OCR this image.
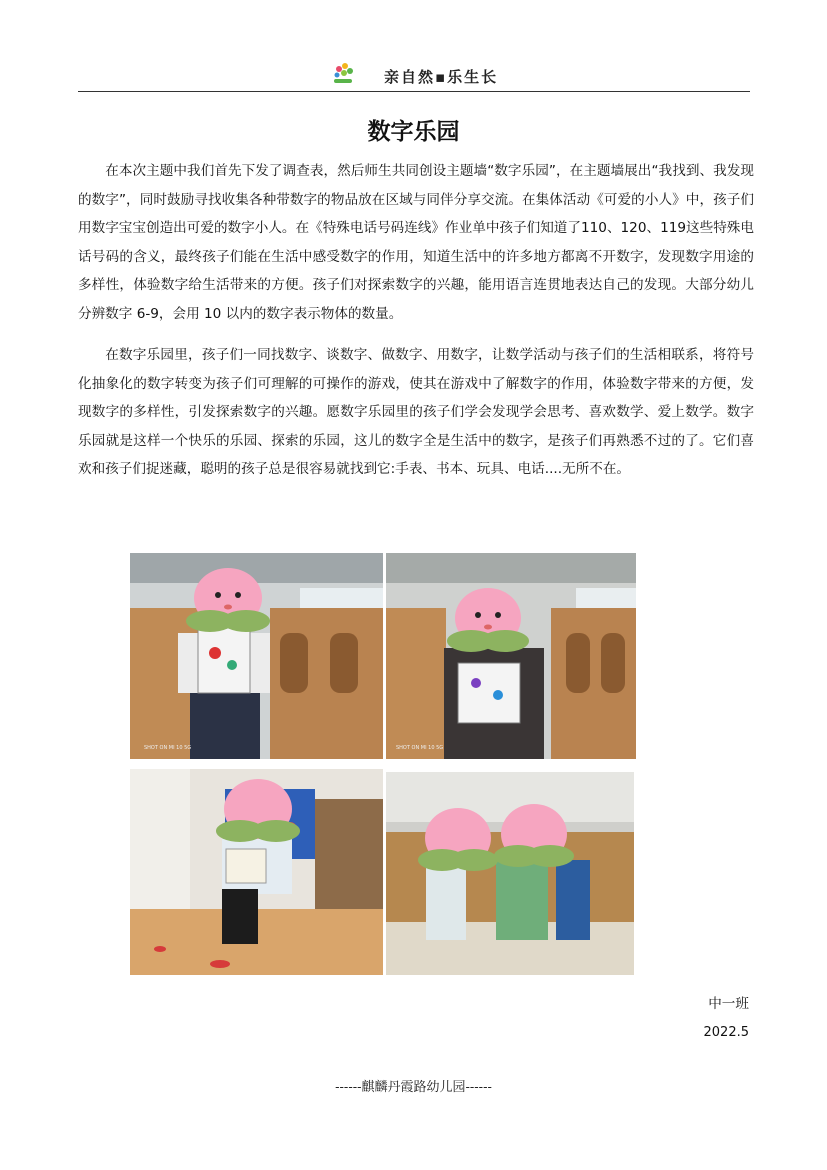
亲自然▪乐生长
数字乐园
在本次主题中我们首先下发了调查表，然后师生共同创设主题墙“数字乐园”，在主题墙展出“我找到、我发现的数字”，同时鼓励寻找收集各种带数字的物品放在区域与同伴分享交流。在集体活动《可爱的小人》中，孩子们用数字宝宝创造出可爱的数字小人。在《特殊电话号码连线》作业单中孩子们知道了110、120、119这些特殊电话号码的含义，最终孩子们能在生活中感受数字的作用，知道生活中的许多地方都离不开数字，发现数字用途的多样性，体验数字给生活带来的方便。孩子们对探索数字的兴趣，能用语言连贯地表达自己的发现。大部分幼儿分辨数字 6-9，会用 10 以内的数字表示物体的数量。
在数字乐园里，孩子们一同找数字、谈数字、做数字、用数字，让数学活动与孩子们的生活相联系，将符号化抽象化的数字转变为孩子们可理解的可操作的游戏，使其在游戏中了解数字的作用，体验数字带来的方便，发现数字的多样性，引发探索数字的兴趣。愿数字乐园里的孩子们学会发现学会思考、喜欢数学、爱上数学。数字乐园就是这样一个快乐的乐园、探索的乐园，这儿的数字全是生活中的数字，是孩子们再熟悉不过的了。它们喜欢和孩子们捉迷藏，聪明的孩子总是很容易就找到它:手表、书本、玩具、电话....无所不在。
SHOT ON MI 10 5G	SHOT ON MI 10 5G
中一班
2022.5
------麒麟丹霞路幼儿园------
